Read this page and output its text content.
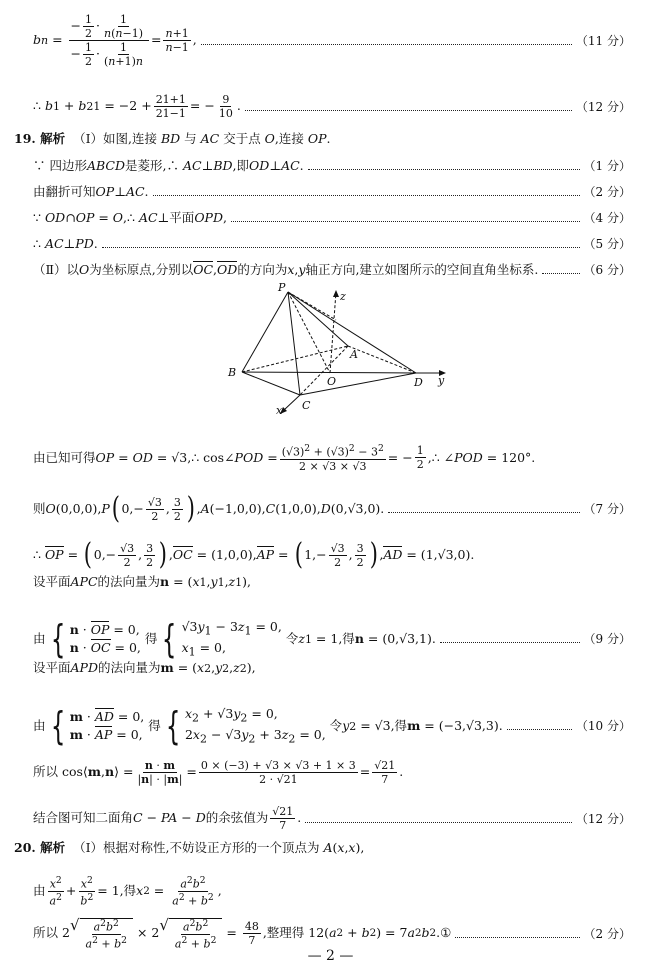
b $n = \frac{- \frac{1}{2} \cdot \frac{1}{n(n-1)}}{- \frac{1}{2} \cdot \frac{1}{(n+1)n}} = \frac{n+1}{n-1}$ ,	（11 分）
∴ b 1 + b $21 = -2 + \frac{21+1}{21-1}$ = − $\frac{9}{10}$ .	（12 分）
19. 解析
（Ⅰ）如图,连接 BD 与 AC 交于点 O,连接 OP.
∵ 四边形 ABCD 是菱形,∴ AC ⊥ BD ,即 OD ⊥ AC .	（1 分）
由翻折可知 OP ⊥ AC .	（2 分）
∵ OD ∩ OP = O ,∴ AC ⊥平面 OPD ,	（4 分）
∴ AC ⊥ PD .	（5 分）
（Ⅱ）以 O 为坐标原点,分别以 OC , OD 的方向为 x , y 轴正方向,建立如图所示的空间直角坐标系.	（6 分）
P
z
A
B
O	D y
x C
由已知可得 OP = OD = √3,∴ cos∠ POD = $\frac{(√3)^2 + (√3)^2 - 3^2}{2 \times √3 \times √3}$ = − $\frac{1}{2}$ ,∴ ∠ POD = 120°.
则 O (0,0,0), P ( $0,- \frac{√3}{2}$ , $\frac{3}{2}$ ) , A (−1,0,0), C (1,0,0), D (0,√3,0).	（7 分）
∴ OP = ( $0,- \frac{√3}{2}$ , $\frac{3}{2}$ ) , OC = (1,0,0), AP = ( $1,- \frac{√3}{2}$ , $\frac{3}{2}$ ) , AD = (1,√3,0).
设平面 APC 的法向量为 n = ( x 1 , y 1 , z 1 ),
由 { n · OP = 0,
n · OC = 0,
得 { $√3y_1 - 3z_1 = 0$,
$x_1 = 0$,
令 z 1 = 1,得 n = (0,√3,1).	（9 分）
设平面 APD 的法向量为 m = ( x 2 , y 2 , z 2 ),
由 { m · AD = 0,
m · AP = 0,
得 { $x_2 + √3y_2 = 0$,
$2x_2 - √3y_2 + 3z_2 = 0$,
令 y 2 = √3,得 m = (−3,√3,3).	（10 分）
所以 cos⟨ m , n ⟩ = $\frac{n \cdot m}{|n| \cdot |m|} = \frac{0 \times (-3) + √3 \times √3 + 1 \times 3}{2 \cdot √21} = \frac{√21}{7}$ .
结合图可知二面角 C − PA − D 的余弦值为 $\frac{√21}{7}$ .	（12 分）
20. 解析
（Ⅰ）根据对称性,不妨设正方形的一个顶点为 A(x,x),
由 $\frac{x^2}{a^2} + \frac{x^2}{b^2} = 1$,得 x $2 = \frac{a^2b^2}{a^2 + b^2}$ ,
所以 2 √ $\frac{a^2b^2}{a^2 + b^2} \times 2$ √ $\frac{a^2b^2}{a^2 + b^2} = \frac{48}{7}$ ,整理得 12( a 2 + b 2 ) = 7 a 2 b 2 .①	（2 分）
— 2 —
